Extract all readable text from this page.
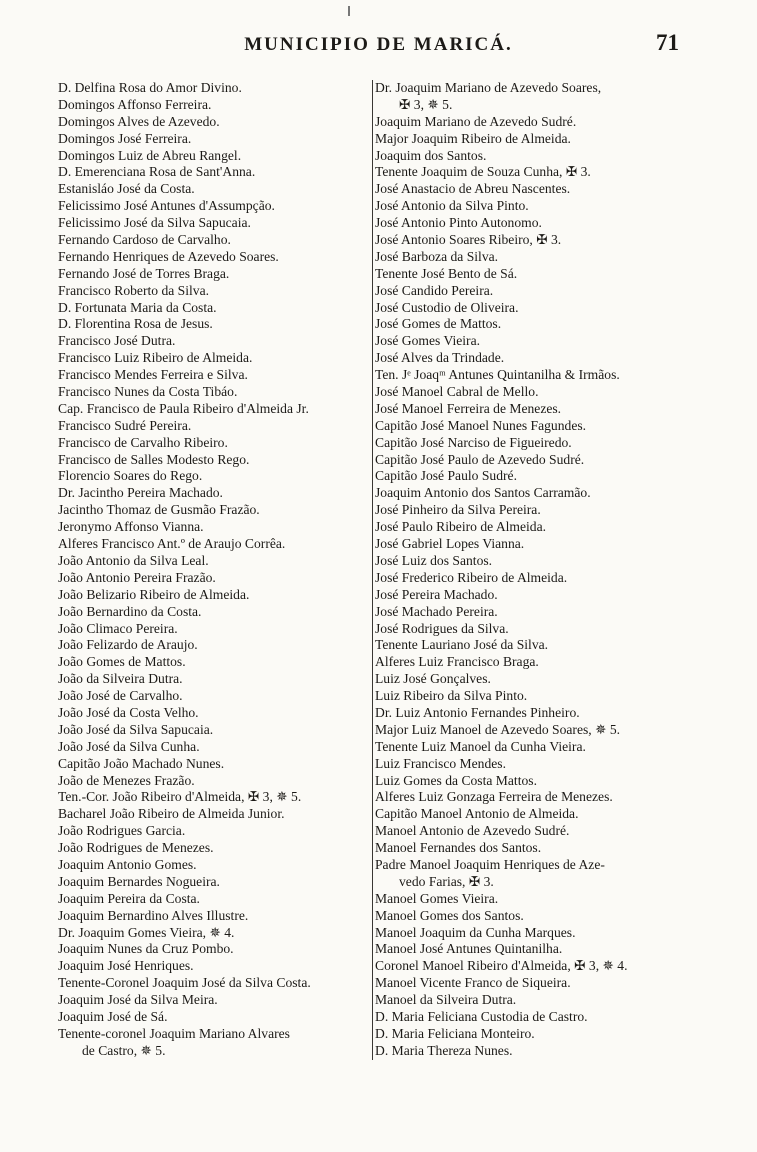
MUNICIPIO DE MARICÁ.	71
D. Delfina Rosa do Amor Divino.
Domingos Affonso Ferreira.
Domingos Alves de Azevedo.
Domingos José Ferreira.
Domingos Luiz de Abreu Rangel.
D. Emerenciana Rosa de Sant'Anna.
Estanisláo José da Costa.
Felicissimo José Antunes d'Assumpção.
Felicissimo José da Silva Sapucaia.
Fernando Cardoso de Carvalho.
Fernando Henriques de Azevedo Soares.
Fernando José de Torres Braga.
Francisco Roberto da Silva.
D. Fortunata Maria da Costa.
D. Florentina Rosa de Jesus.
Francisco José Dutra.
Francisco Luiz Ribeiro de Almeida.
Francisco Mendes Ferreira e Silva.
Francisco Nunes da Costa Tibáo.
Cap. Francisco de Paula Ribeiro d'Almeida Jr.
Francisco Sudré Pereira.
Francisco de Carvalho Ribeiro.
Francisco de Salles Modesto Rego.
Florencio Soares do Rego.
Dr. Jacintho Pereira Machado.
Jacintho Thomaz de Gusmão Frazão.
Jeronymo Affonso Vianna.
Alferes Francisco Ant.º de Araujo Corrêa.
João Antonio da Silva Leal.
João Antonio Pereira Frazão.
João Belizario Ribeiro de Almeida.
João Bernardino da Costa.
João Climaco Pereira.
João Felizardo de Araujo.
João Gomes de Mattos.
João da Silveira Dutra.
João José de Carvalho.
João José da Costa Velho.
João José da Silva Sapucaia.
João José da Silva Cunha.
Capitão João Machado Nunes.
João de Menezes Frazão.
Ten.-Cor. João Ribeiro d'Almeida, ✠ 3, ✵ 5.
Bacharel João Ribeiro de Almeida Junior.
João Rodrigues Garcia.
João Rodrigues de Menezes.
Joaquim Antonio Gomes.
Joaquim Bernardes Nogueira.
Joaquim Pereira da Costa.
Joaquim Bernardino Alves Illustre.
Dr. Joaquim Gomes Vieira, ✵ 4.
Joaquim Nunes da Cruz Pombo.
Joaquim José Henriques.
Tenente-Coronel Joaquim José da Silva Costa.
Joaquim José da Silva Meira.
Joaquim José de Sá.
Tenente-coronel Joaquim Mariano Alvares
de Castro, ✵ 5.
Dr. Joaquim Mariano de Azevedo Soares,
✠ 3, ✵ 5.
Joaquim Mariano de Azevedo Sudré.
Major Joaquim Ribeiro de Almeida.
Joaquim dos Santos.
Tenente Joaquim de Souza Cunha, ✠ 3.
José Anastacio de Abreu Nascentes.
José Antonio da Silva Pinto.
José Antonio Pinto Autonomo.
José Antonio Soares Ribeiro, ✠ 3.
José Barboza da Silva.
Tenente José Bento de Sá.
José Candido Pereira.
José Custodio de Oliveira.
José Gomes de Mattos.
José Gomes Vieira.
José Alves da Trindade.
Ten. Jᵉ Joaqᵐ Antunes Quintanilha & Irmãos.
José Manoel Cabral de Mello.
José Manoel Ferreira de Menezes.
Capitão José Manoel Nunes Fagundes.
Capitão José Narciso de Figueiredo.
Capitão José Paulo de Azevedo Sudré.
Capitão José Paulo Sudré.
Joaquim Antonio dos Santos Carramão.
José Pinheiro da Silva Pereira.
José Paulo Ribeiro de Almeida.
José Gabriel Lopes Vianna.
José Luiz dos Santos.
José Frederico Ribeiro de Almeida.
José Pereira Machado.
José Machado Pereira.
José Rodrigues da Silva.
Tenente Lauriano José da Silva.
Alferes Luiz Francisco Braga.
Luiz José Gonçalves.
Luiz Ribeiro da Silva Pinto.
Dr. Luiz Antonio Fernandes Pinheiro.
Major Luiz Manoel de Azevedo Soares, ✵ 5.
Tenente Luiz Manoel da Cunha Vieira.
Luiz Francisco Mendes.
Luiz Gomes da Costa Mattos.
Alferes Luiz Gonzaga Ferreira de Menezes.
Capitão Manoel Antonio de Almeida.
Manoel Antonio de Azevedo Sudré.
Manoel Fernandes dos Santos.
Padre Manoel Joaquim Henriques de Aze-
vedo Farias, ✠ 3.
Manoel Gomes Vieira.
Manoel Gomes dos Santos.
Manoel Joaquim da Cunha Marques.
Manoel José Antunes Quintanilha.
Coronel Manoel Ribeiro d'Almeida, ✠ 3, ✵ 4.
Manoel Vicente Franco de Siqueira.
Manoel da Silveira Dutra.
D. Maria Feliciana Custodia de Castro.
D. Maria Feliciana Monteiro.
D. Maria Thereza Nunes.
